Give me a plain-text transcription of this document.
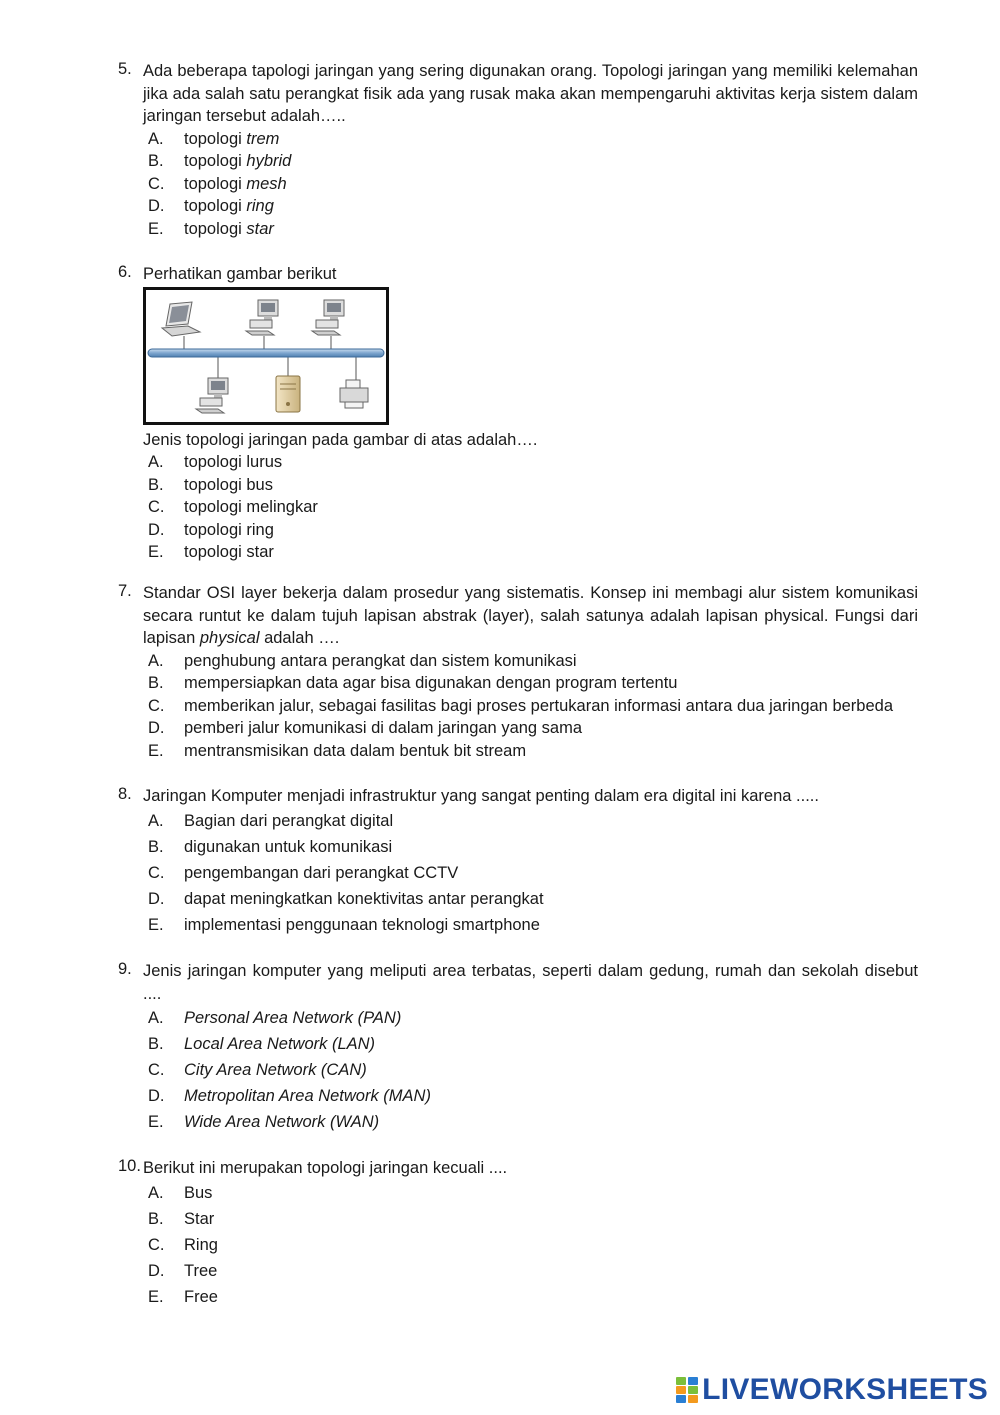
5. Ada beberapa tapologi jaringan yang sering digunakan orang. Topologi jaringan yang memiliki kelemahan jika ada salah satu perangkat fisik ada yang rusak maka akan mempengaruhi aktivitas kerja sistem dalam jaringan tersebut adalah…..
A.	topologi trem
B.	topologi hybrid
C.	topologi mesh
D.	topologi ring
E.	topologi star
6. Perhatikan gambar berikut
Jenis topologi jaringan pada gambar di atas adalah….
A.	topologi lurus
B.	topologi bus
C.	topologi melingkar
D.	topologi ring
E.	topologi star
7. Standar OSI layer bekerja dalam prosedur yang sistematis. Konsep ini membagi alur sistem komunikasi secara runtut ke dalam tujuh lapisan abstrak (layer), salah satunya adalah lapisan physical. Fungsi dari lapisan physical adalah ….
A.	penghubung antara perangkat dan sistem komunikasi
B.	mempersiapkan data agar bisa digunakan dengan program tertentu
C.	memberikan jalur, sebagai fasilitas bagi proses pertukaran informasi antara dua jaringan berbeda
D.	pemberi jalur komunikasi di dalam jaringan yang sama
E.	mentransmisikan data dalam bentuk bit stream
8. Jaringan Komputer menjadi infrastruktur yang sangat penting dalam era digital ini karena .....
A.	Bagian dari perangkat digital
B.	digunakan untuk komunikasi
C.	pengembangan dari perangkat CCTV
D.	dapat meningkatkan konektivitas antar perangkat
E.	implementasi penggunaan teknologi smartphone
9. Jenis jaringan komputer yang meliputi area terbatas, seperti dalam gedung, rumah dan sekolah disebut ....
A.	Personal Area Network (PAN)
B.	Local Area Network (LAN)
C.	City Area Network (CAN)
D.	Metropolitan Area Network (MAN)
E.	Wide Area Network (WAN)
10. Berikut ini merupakan topologi jaringan kecuali ....
A.	Bus
B.	Star
C.	Ring
D.	Tree
E.	Free
LIVEWORKSHEETS
